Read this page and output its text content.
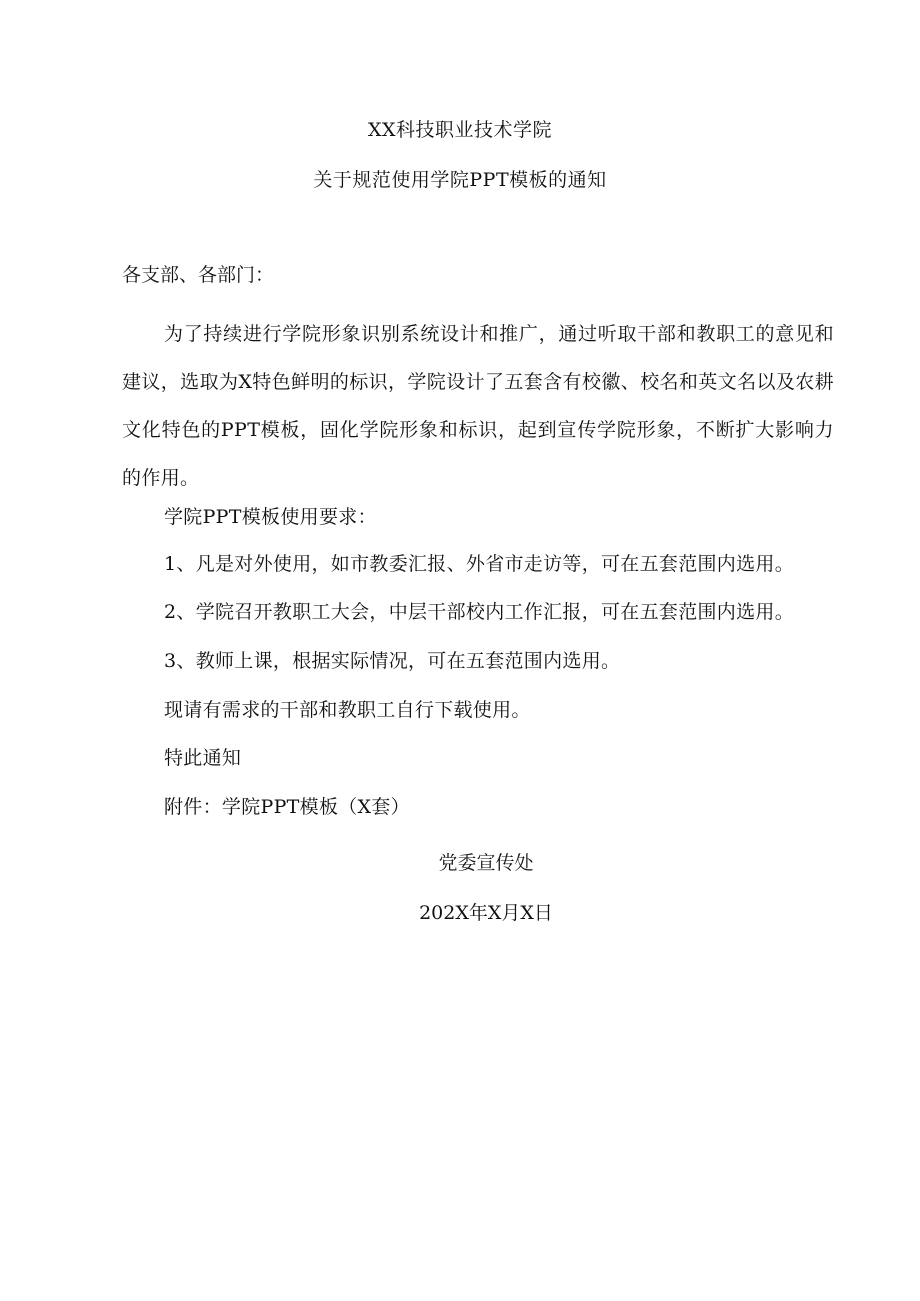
XX科技职业技术学院
关于规范使用学院PPT模板的通知
各支部、各部门：
为了持续进行学院形象识别系统设计和推广，通过听取干部和教职工的意见和建议，选取为X特色鲜明的标识，学院设计了五套含有校徽、校名和英文名以及农耕文化特色的PPT模板，固化学院形象和标识，起到宣传学院形象，不断扩大影响力的作用。
学院PPT模板使用要求：
1、凡是对外使用，如市教委汇报、外省市走访等，可在五套范围内选用。
2、学院召开教职工大会，中层干部校内工作汇报，可在五套范围内选用。
3、教师上课，根据实际情况，可在五套范围内选用。
现请有需求的干部和教职工自行下载使用。
特此通知
附件：学院PPT模板（X套）
党委宣传处
202X年X月X日
